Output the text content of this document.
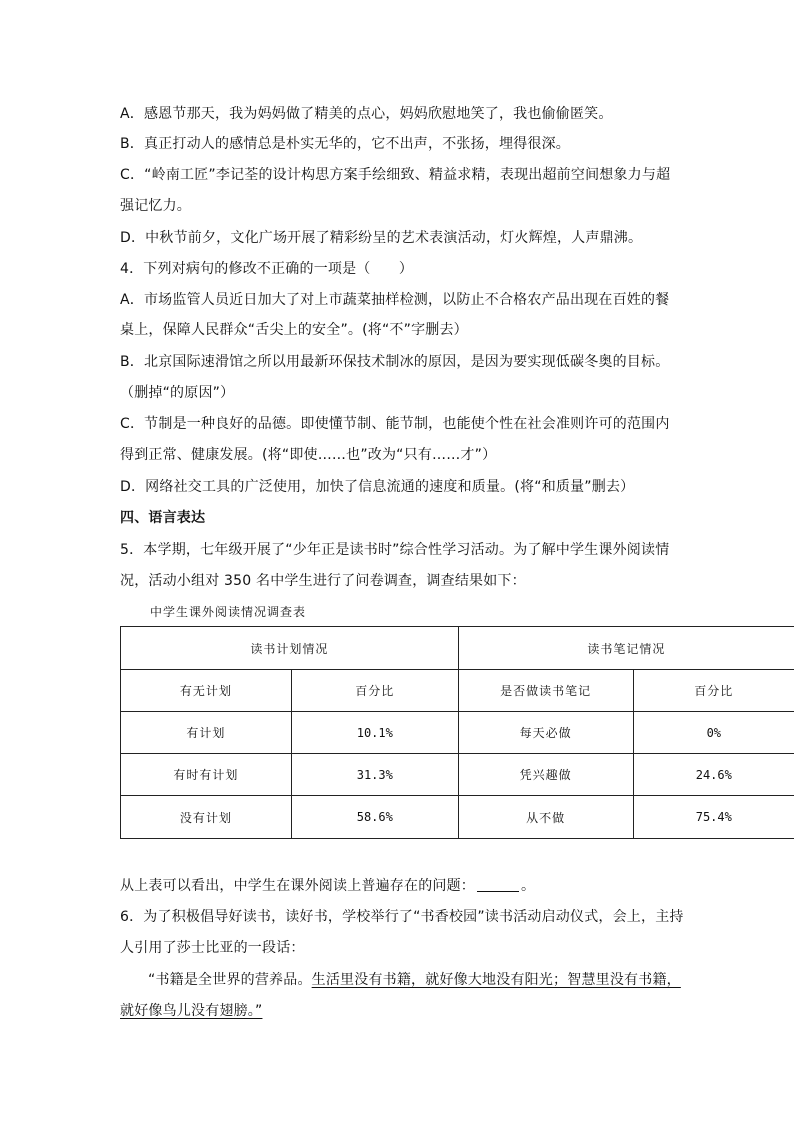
A．感恩节那天，我为妈妈做了精美的点心，妈妈欣慰地笑了，我也偷偷匿笑。
B．真正打动人的感情总是朴实无华的，它不出声，不张扬，埋得很深。
C．“岭南工匠”李记荃的设计构思方案手绘细致、精益求精，表现出超前空间想象力与超
强记忆力。
D．中秋节前夕，文化广场开展了精彩纷呈的艺术表演活动，灯火辉煌，人声鼎沸。
4．下列对病句的修改不正确的一项是（　　）
A．市场监管人员近日加大了对上市蔬菜抽样检测，以防止不合格农产品出现在百姓的餐
桌上，保障人民群众“舌尖上的安全”。(将“不”字删去）
B．北京国际速滑馆之所以用最新环保技术制冰的原因，是因为要实现低碳冬奥的目标。
（删掉“的原因”）
C．节制是一种良好的品德。即使懂节制、能节制，也能使个性在社会准则许可的范围内
得到正常、健康发展。(将“即使……也”改为“只有……才”）
D．网络社交工具的广泛使用，加快了信息流通的速度和质量。(将“和质量”删去）
四、语言表达
5．本学期，七年级开展了“少年正是读书时”综合性学习活动。为了解中学生课外阅读情
况，活动小组对 350 名中学生进行了问卷调查，调查结果如下：
中学生课外阅读情况调查表
读书计划情况		读书笔记情况	
有无计划	百分比	是否做读书笔记	百分比
有计划	10.1%	每天必做	0%
有时有计划	31.3%	凭兴趣做	24.6%
没有计划	58.6%	从不做	75.4%
从上表可以看出，中学生在课外阅读上普遍存在的问题：	。
6．为了积极倡导好读书，读好书，学校举行了“书香校园”读书活动启动仪式，会上，主持
人引用了莎士比亚的一段话：
“书籍是全世界的营养品。生活里没有书籍，就好像大地没有阳光；智慧里没有书籍，
就好像鸟儿没有翅膀。”
